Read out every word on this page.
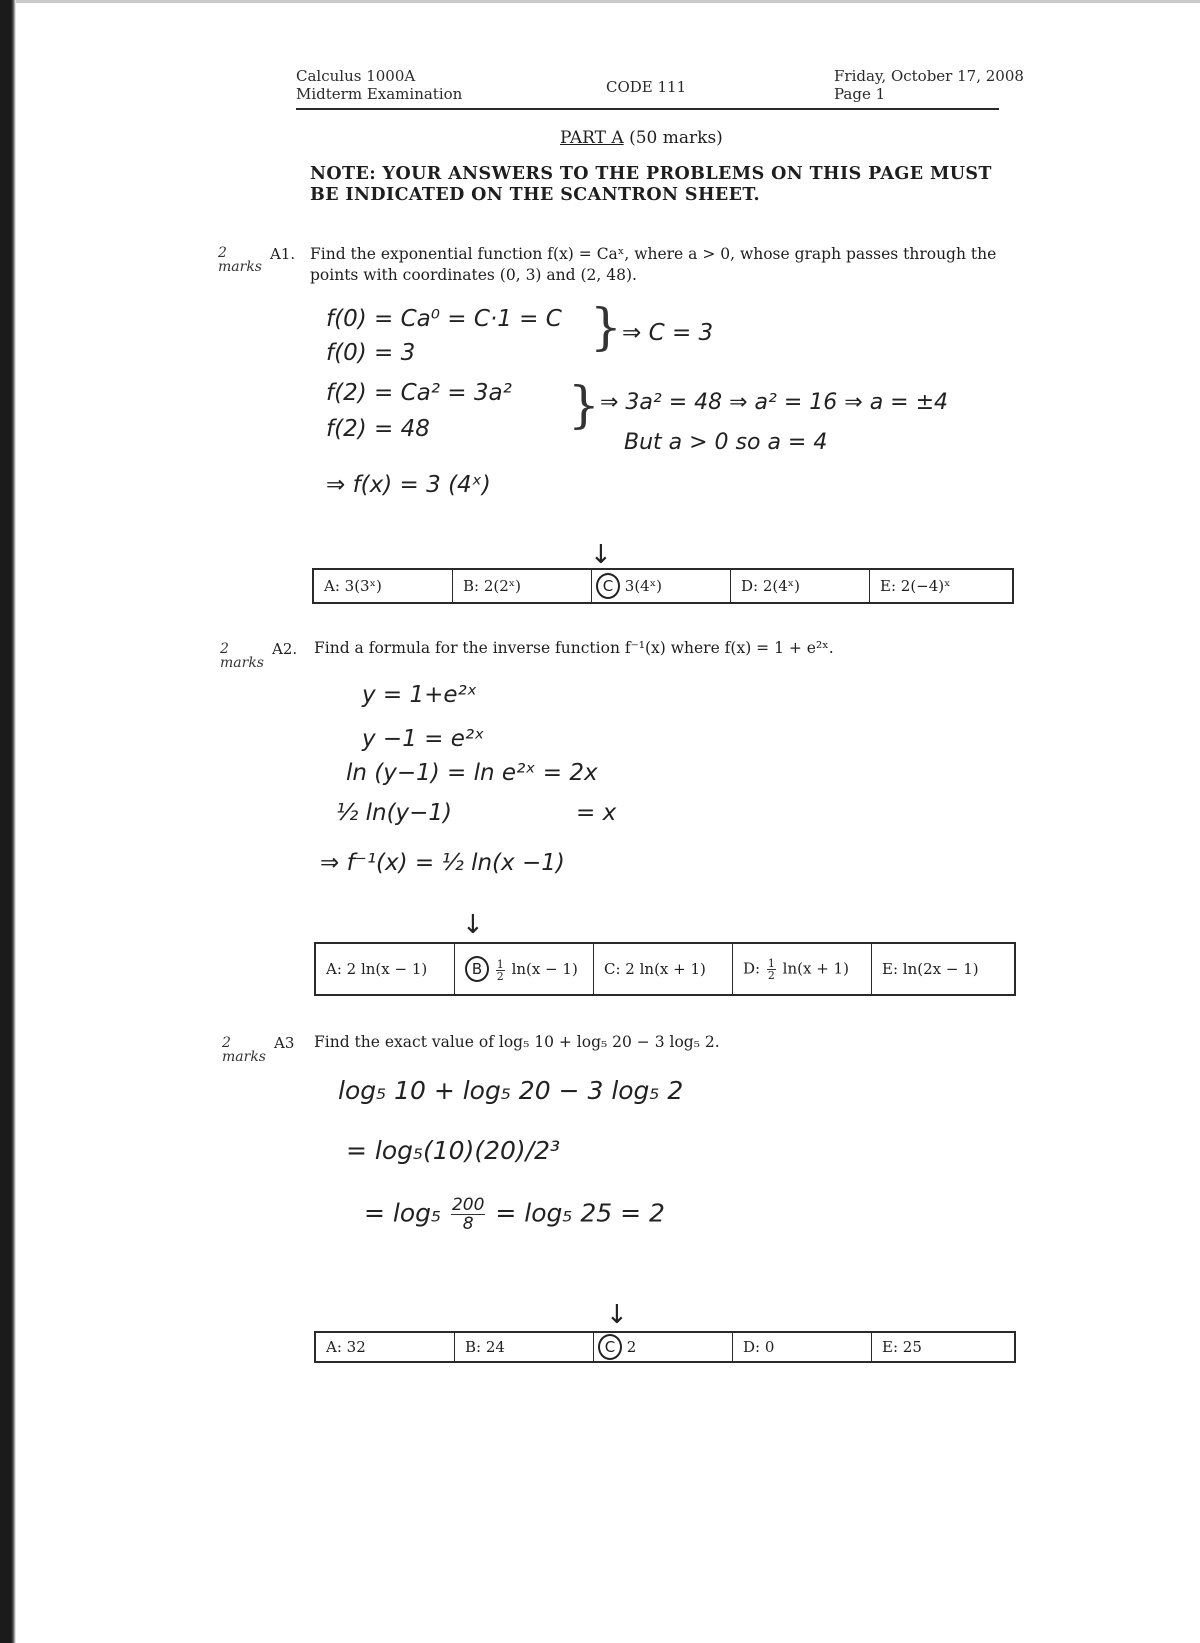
Calculus 1000A
Midterm Examination	CODE 111
Friday, October 17, 2008
Page 1
PART A (50 marks)
NOTE: YOUR ANSWERS TO THE PROBLEMS ON THIS PAGE MUST BE INDICATED ON THE SCANTRON SHEET.
2
marks
A1. Find the exponential function f(x) = Caˣ, where a > 0, whose graph passes through the
points with coordinates (0, 3) and (2, 48).
f(0) = Ca⁰ = C·1 = C
f(0) = 3	} ⇒ C = 3
f(2) = Ca² = 3a²
f(2) = 48	} ⇒ 3a² = 48 ⇒ a² = 16 ⇒ a = ±4
But a > 0 so a = 4
⇒ f(x) = 3 (4ˣ)
↓
A: 3(3ˣ)	B: 2(2ˣ)	C 3(4ˣ)	D: 2(4ˣ)	E: 2(−4)ˣ
2
marks
A2. Find a formula for the inverse function f⁻¹(x) where f(x) = 1 + e²ˣ.
y = 1+e²ˣ
y −1 = e²ˣ
ln (y−1) = ln e²ˣ = 2x
½ ln(y−1)	= x
⇒ f⁻¹(x) = ½ ln(x −1)
↓
A: 2 ln(x − 1)	B $\frac{1}{2} \ln(x - 1)$	C: 2 ln(x + 1)	D: $\frac{1}{2} \ln(x + 1)$	E: ln(2x − 1)
2
marks
A3 Find the exact value of log₅ 10 + log₅ 20 − 3 log₅ 2.
log₅ 10 + log₅ 20 − 3 log₅ 2
= log₅(10)(20)/2³
= $\log_5 \frac{200}{8} = \log_5$ 25 = 2
↓
A: 32	B: 24	C 2	D: 0	E: 25
